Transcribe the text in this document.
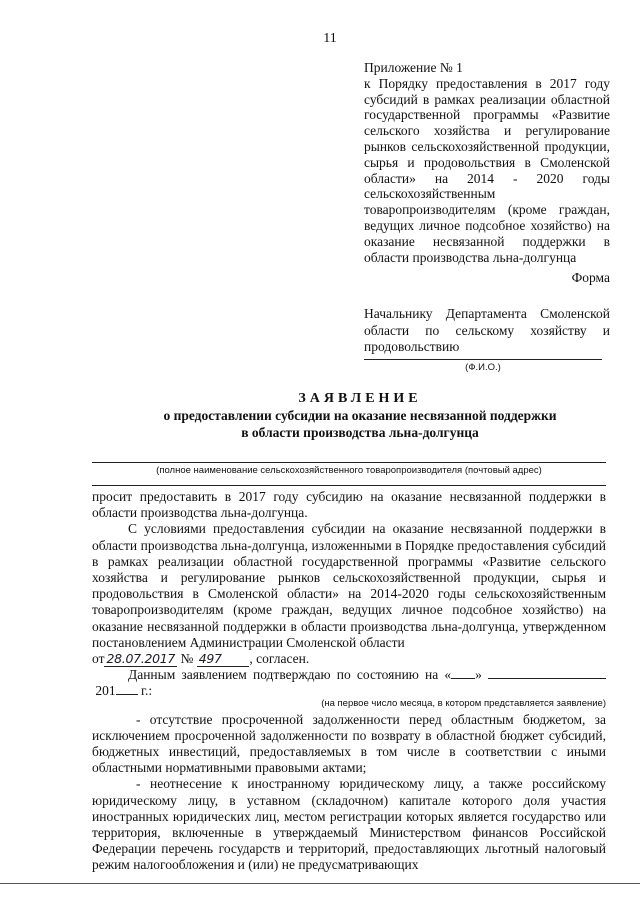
11
Приложение № 1
к Порядку предоставления в 2017 году субсидий в рамках реализации областной государственной программы «Развитие сельского хозяйства и регулирование рынков сельскохозяйственной продукции, сырья и продовольствия в Смоленской области» на 2014 - 2020 годы сельскохозяйственным товаропроизводителям (кроме граждан, ведущих личное подсобное хозяйство) на оказание несвязанной поддержки в области производства льна-долгунца
Форма
Начальнику Департамента Смоленской области по сельскому хозяйству и продовольствию
(Ф.И.О.)
ЗАЯВЛЕНИЕ
о предоставлении субсидии на оказание несвязанной поддержки
в области производства льна-долгунца
(полное наименование сельскохозяйственного товаропроизводителя (почтовый адрес)

просит предоставить в 2017 году субсидию на оказание несвязанной поддержки в области производства льна-долгунца.

С условиями предоставления субсидии на оказание несвязанной поддержки в области производства льна-долгунца, изложенными в Порядке предоставления субсидий в рамках реализации областной государственной программы «Развитие сельского хозяйства и регулирование рынков сельскохозяйственной продукции, сырья и продовольствия в Смоленской области» на 2014-2020 годы сельскохозяйственным товаропроизводителям (кроме граждан, ведущих личное подсобное хозяйство) на оказание несвязанной поддержки в области производства льна-долгунца, утвержденном постановлением Администрации Смоленской области

от 28.07.2017 № 497 , согласен.

Данным заявлением подтверждаю по состоянию на « »  201 г.:

(на первое число месяца, в котором представляется заявление)

- отсутствие просроченной задолженности перед областным бюджетом, за исключением просроченной задолженности по возврату в областной бюджет субсидий, бюджетных инвестиций, предоставляемых в том числе в соответствии с иными областными нормативными правовыми актами;

- неотнесение к иностранному юридическому лицу, а также российскому юридическому лицу, в уставном (складочном) капитале которого доля участия иностранных юридических лиц, местом регистрации которых является государство или территория, включенные в утверждаемый Министерством финансов Российской Федерации перечень государств и территорий, предоставляющих льготный налоговый режим налогообложения и (или) не предусматривающих
